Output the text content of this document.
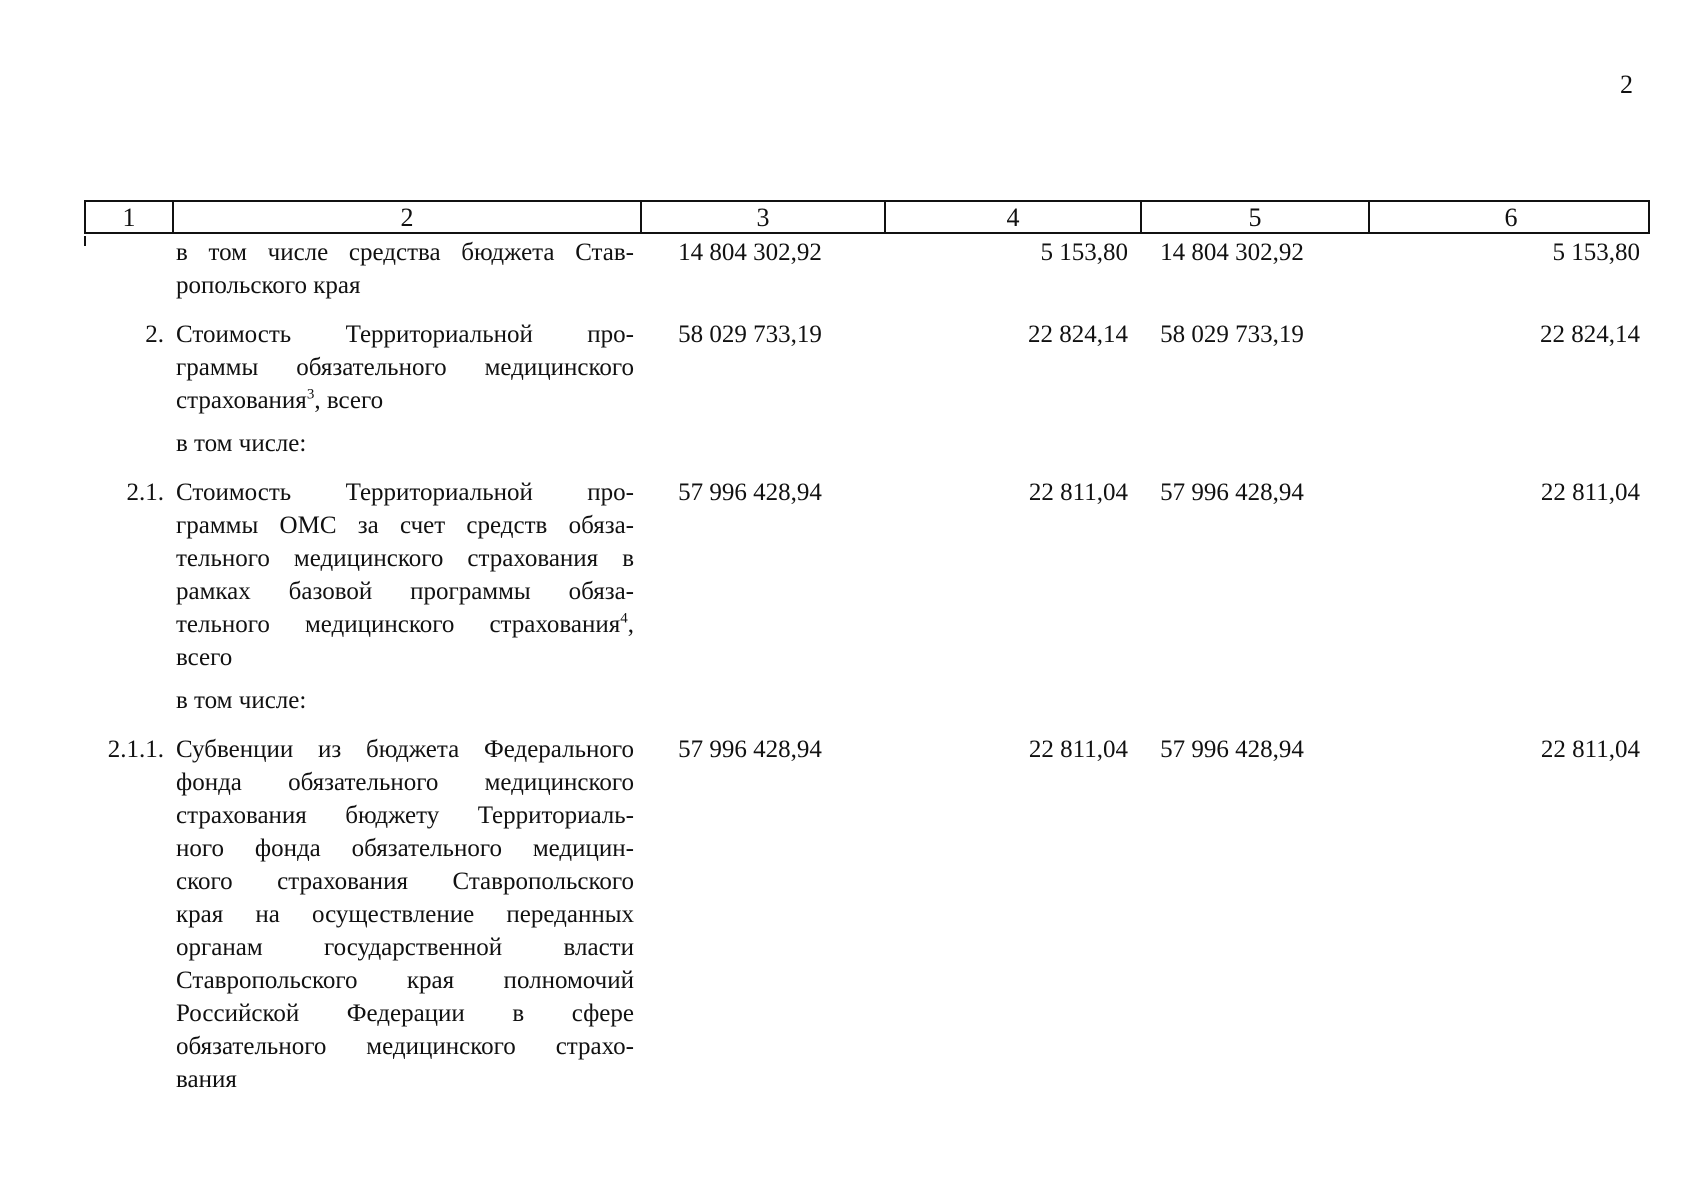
2
1	2	3	4	5	6
в том числе средства бюджета Став-
ропольского края
14 804 302,92	5 153,80	14 804 302,92	5 153,80
2. Стоимость Территориальной про-
граммы обязательного медицинского
страхования$^3$, всего
58 029 733,19	22 824,14	58 029 733,19	22 824,14
в том числе:
2.1. Стоимость Территориальной про-
граммы ОМС за счет средств обяза-
тельного медицинского страхования в
рамках базовой программы обяза-
тельного медицинского страхования$^4$,
всего
57 996 428,94	22 811,04	57 996 428,94	22 811,04
в том числе:
2.1.1. Субвенции из бюджета Федерального
фонда обязательного медицинского
страхования бюджету Территориаль-
ного фонда обязательного медицин-
ского страхования Ставропольского
края на осуществление переданных
органам государственной власти
Ставропольского края полномочий
Российской Федерации в сфере
обязательного медицинского страхо-
вания
57 996 428,94	22 811,04	57 996 428,94	22 811,04
